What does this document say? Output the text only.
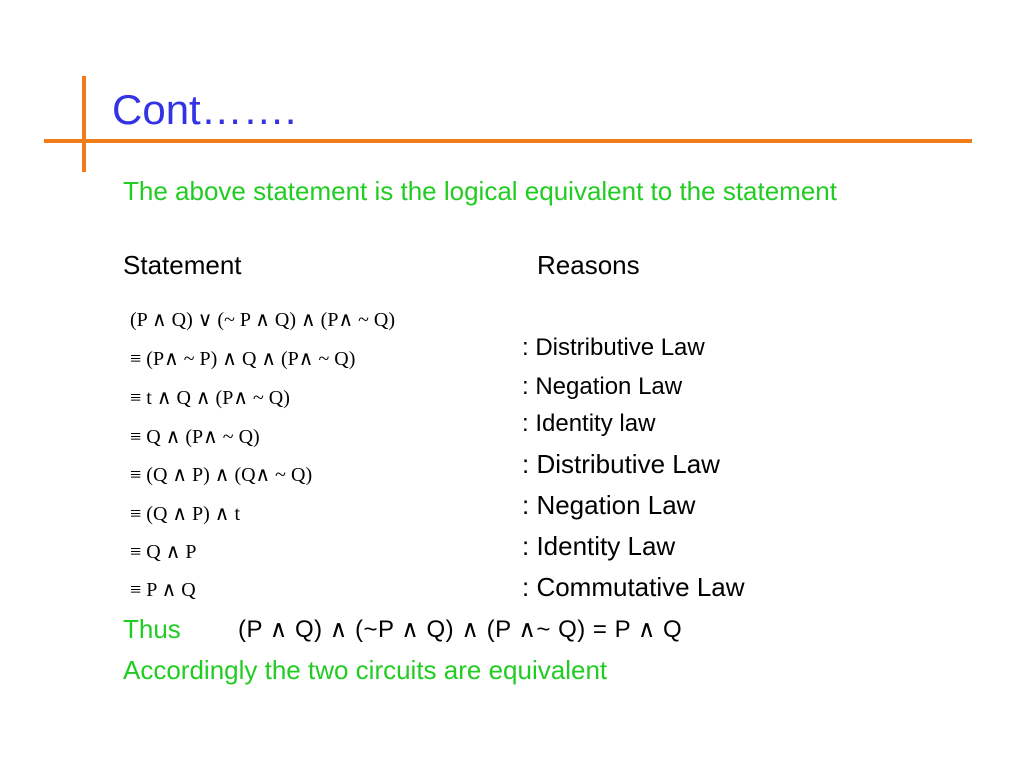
Cont…….
The above statement is the logical equivalent to the statement
Statement	Reasons
(P ∧ Q) ∨ (~ P ∧ Q) ∧ (P∧ ~ Q)
≡ (P∧ ~ P) ∧ Q ∧ (P∧ ~ Q)
≡ t ∧ Q ∧ (P∧ ~ Q)
≡ Q ∧ (P∧ ~ Q)
≡ (Q ∧ P) ∧ (Q∧ ~ Q)
≡ (Q ∧ P) ∧ t
≡ Q ∧ P
≡ P ∧ Q
: Distributive Law
: Negation Law
: Identity law
: Distributive Law
: Negation Law
: Identity Law
: Commutative Law
Thus (P ∧ Q) ∧ (~P ∧ Q) ∧ (P ∧~ Q) = P ∧ Q
Accordingly the two circuits are equivalent
